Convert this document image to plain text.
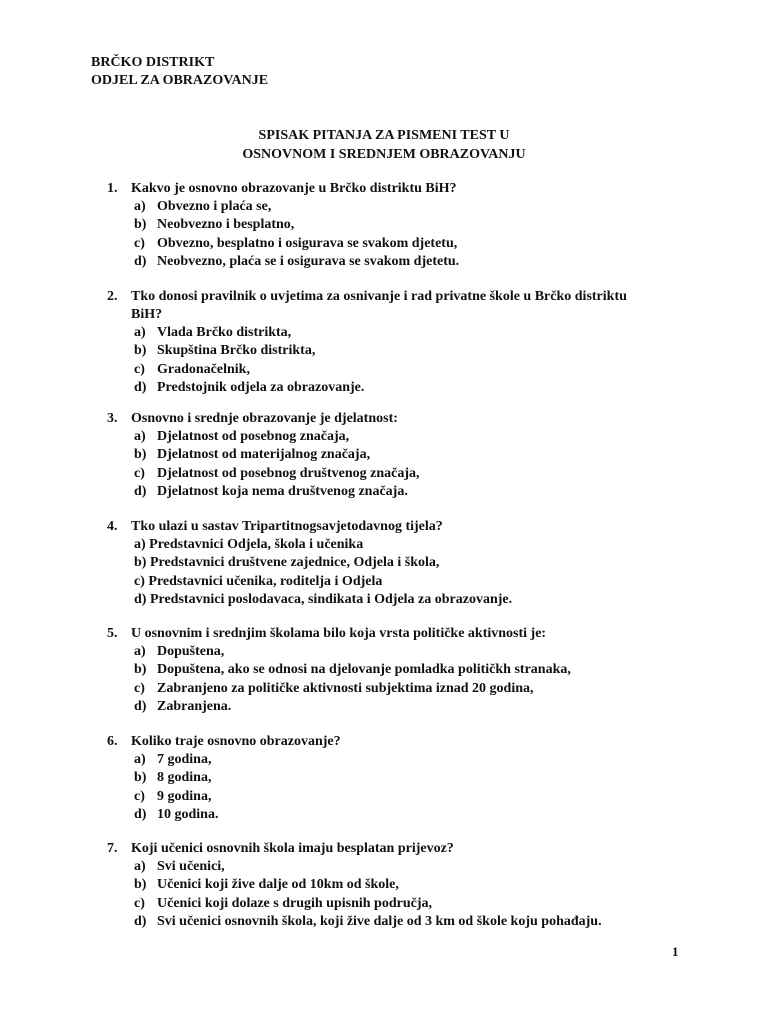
BRČKO DISTRIKT
ODJEL ZA OBRAZOVANJE
SPISAK PITANJA ZA PISMENI TEST U
OSNOVNOM I SREDNJEM OBRAZOVANJU
1. Kakvo je osnovno obrazovanje u Brčko distriktu BiH?
a) Obvezno i plaća se,
b) Neobvezno i besplatno,
c) Obvezno, besplatno i osigurava se svakom djetetu,
d) Neobvezno, plaća se i osigurava se svakom djetetu.
2. Tko donosi pravilnik o uvjetima za osnivanje i rad privatne škole u Brčko distriktu
BiH?
a) Vlada Brčko distrikta,
b) Skupština Brčko distrikta,
c) Gradonačelnik,
d) Predstojnik odjela za obrazovanje.
3. Osnovno i srednje obrazovanje je djelatnost:
a) Djelatnost od posebnog značaja,
b) Djelatnost od materijalnog značaja,
c) Djelatnost od posebnog društvenog značaja,
d) Djelatnost koja nema društvenog značaja.
4. Tko ulazi u sastav Tripartitnogsavjetodavnog tijela?
a) Predstavnici Odjela, škola i učenika
b) Predstavnici društvene zajednice, Odjela i škola,
c) Predstavnici učenika, roditelja i Odjela
d) Predstavnici poslodavaca, sindikata i Odjela za obrazovanje.
5. U osnovnim i srednjim školama bilo koja vrsta političke aktivnosti je:
a) Dopuštena,
b) Dopuštena, ako se odnosi na djelovanje pomladka političkh stranaka,
c) Zabranjeno za političke aktivnosti subjektima iznad 20 godina,
d) Zabranjena.
6. Koliko traje osnovno obrazovanje?
a) 7 godina,
b) 8 godina,
c) 9 godina,
d) 10 godina.
7. Koji učenici osnovnih škola imaju besplatan prijevoz?
a) Svi učenici,
b) Učenici koji žive dalje od 10km od škole,
c) Učenici koji dolaze s drugih upisnih područja,
d) Svi učenici osnovnih škola, koji žive dalje od 3 km od škole koju pohađaju.
1
